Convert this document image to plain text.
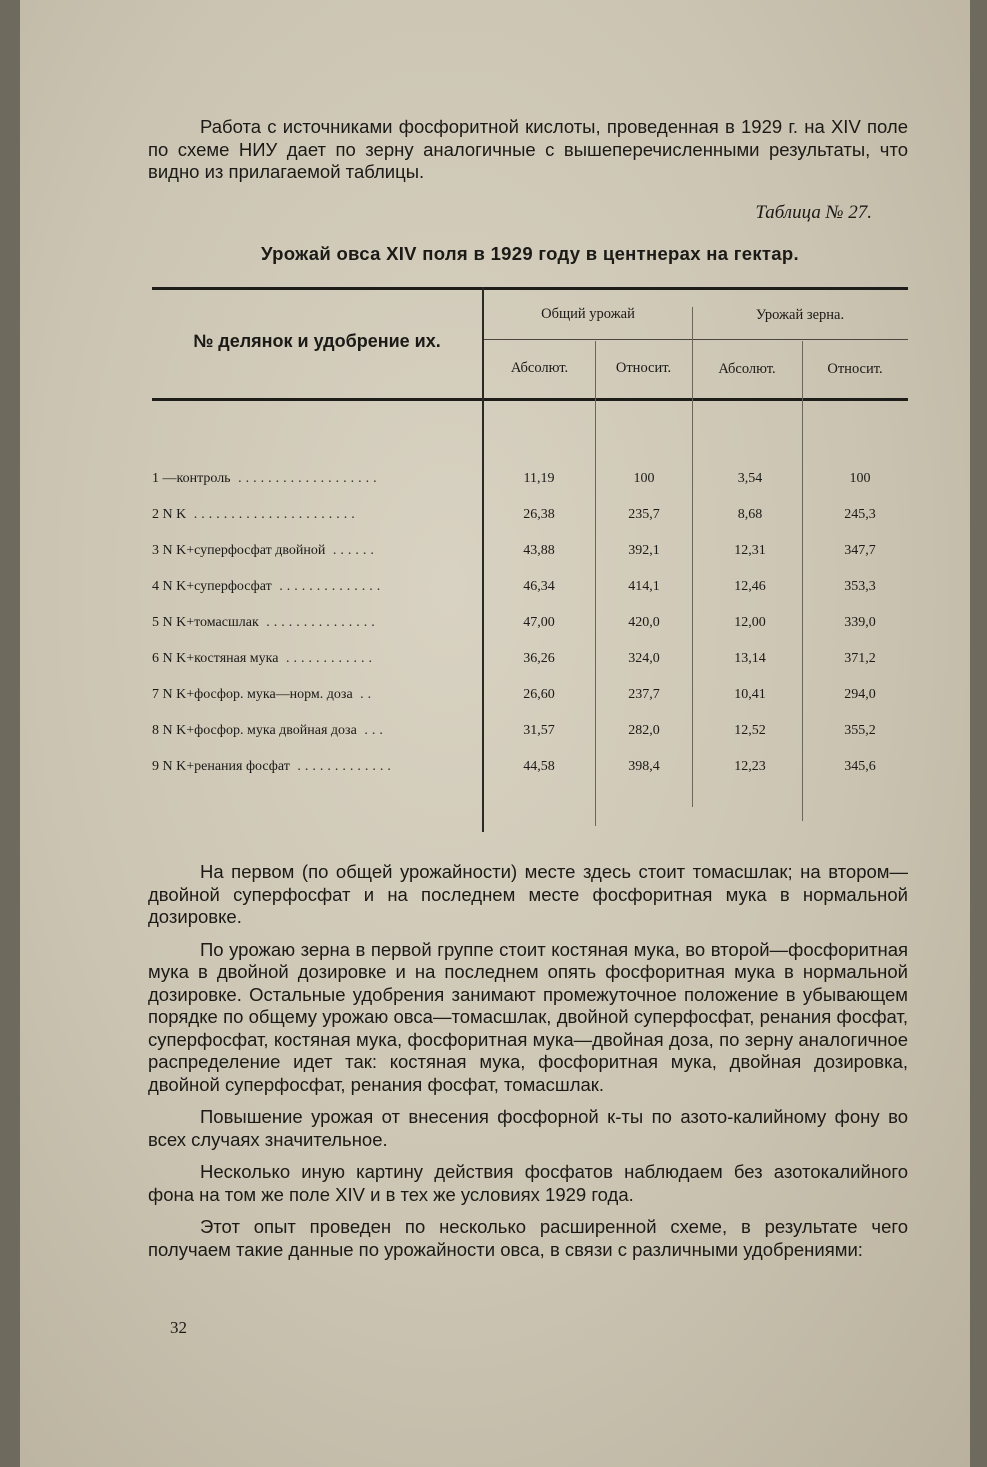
Работа с источниками фосфоритной кислоты, проведенная в 1929 г. на XIV поле по схеме НИУ дает по зерну аналогичные с вышеперечисленными результаты, что видно из прилагаемой таблицы.

Таблица № 27.
Урожай овса XIV поля в 1929 году в центнерах на гектар.
№ делянок и удобрение их.
Общий урожай	Урожай зерна.
Абсолют.	Относит.	Абсолют.	Относит.
1 —контроль ...................	11,19	100	3,54	100
2 N K ......................	26,38	235,7	8,68	245,3
3 N K+суперфосфат двойной ......	43,88	392,1	12,31	347,7
4 N K+суперфосфат ..............	46,34	414,1	12,46	353,3
5 N K+томасшлак ...............	47,00	420,0	12,00	339,0
6 N K+костяная мука ............	36,26	324,0	13,14	371,2
7 N K+фосфор. мука—норм. доза ..	26,60	237,7	10,41	294,0
8 N K+фосфор. мука двойная доза ...	31,57	282,0	12,52	355,2
9 N K+ренания фосфат .............	44,58	398,4	12,23	345,6

На первом (по общей урожайности) месте здесь стоит томасшлак; на втором—двойной суперфосфат и на последнем месте фосфоритная мука в нормальной дозировке.

По урожаю зерна в первой группе стоит костяная мука, во второй—фосфоритная мука в двойной дозировке и на последнем опять фосфоритная мука в нормальной дозировке. Остальные удобрения занимают промежуточное положение в убывающем порядке по общему урожаю овса—томасшлак, двойной суперфосфат, ренания фосфат, суперфосфат, костяная мука, фосфоритная мука—двойная доза, по зерну аналогичное распределение идет так: костяная мука, фосфоритная мука, двойная дозировка, двойной суперфосфат, ренания фосфат, томасшлак.

Повышение урожая от внесения фосфорной к-ты по азото-калийному фону во всех случаях значительное.

Несколько иную картину действия фосфатов наблюдаем без азотокалийного фона на том же поле XIV и в тех же условиях 1929 года.

Этот опыт проведен по несколько расширенной схеме, в результате чего получаем такие данные по урожайности овса, в связи с различными удобрениями:

32
